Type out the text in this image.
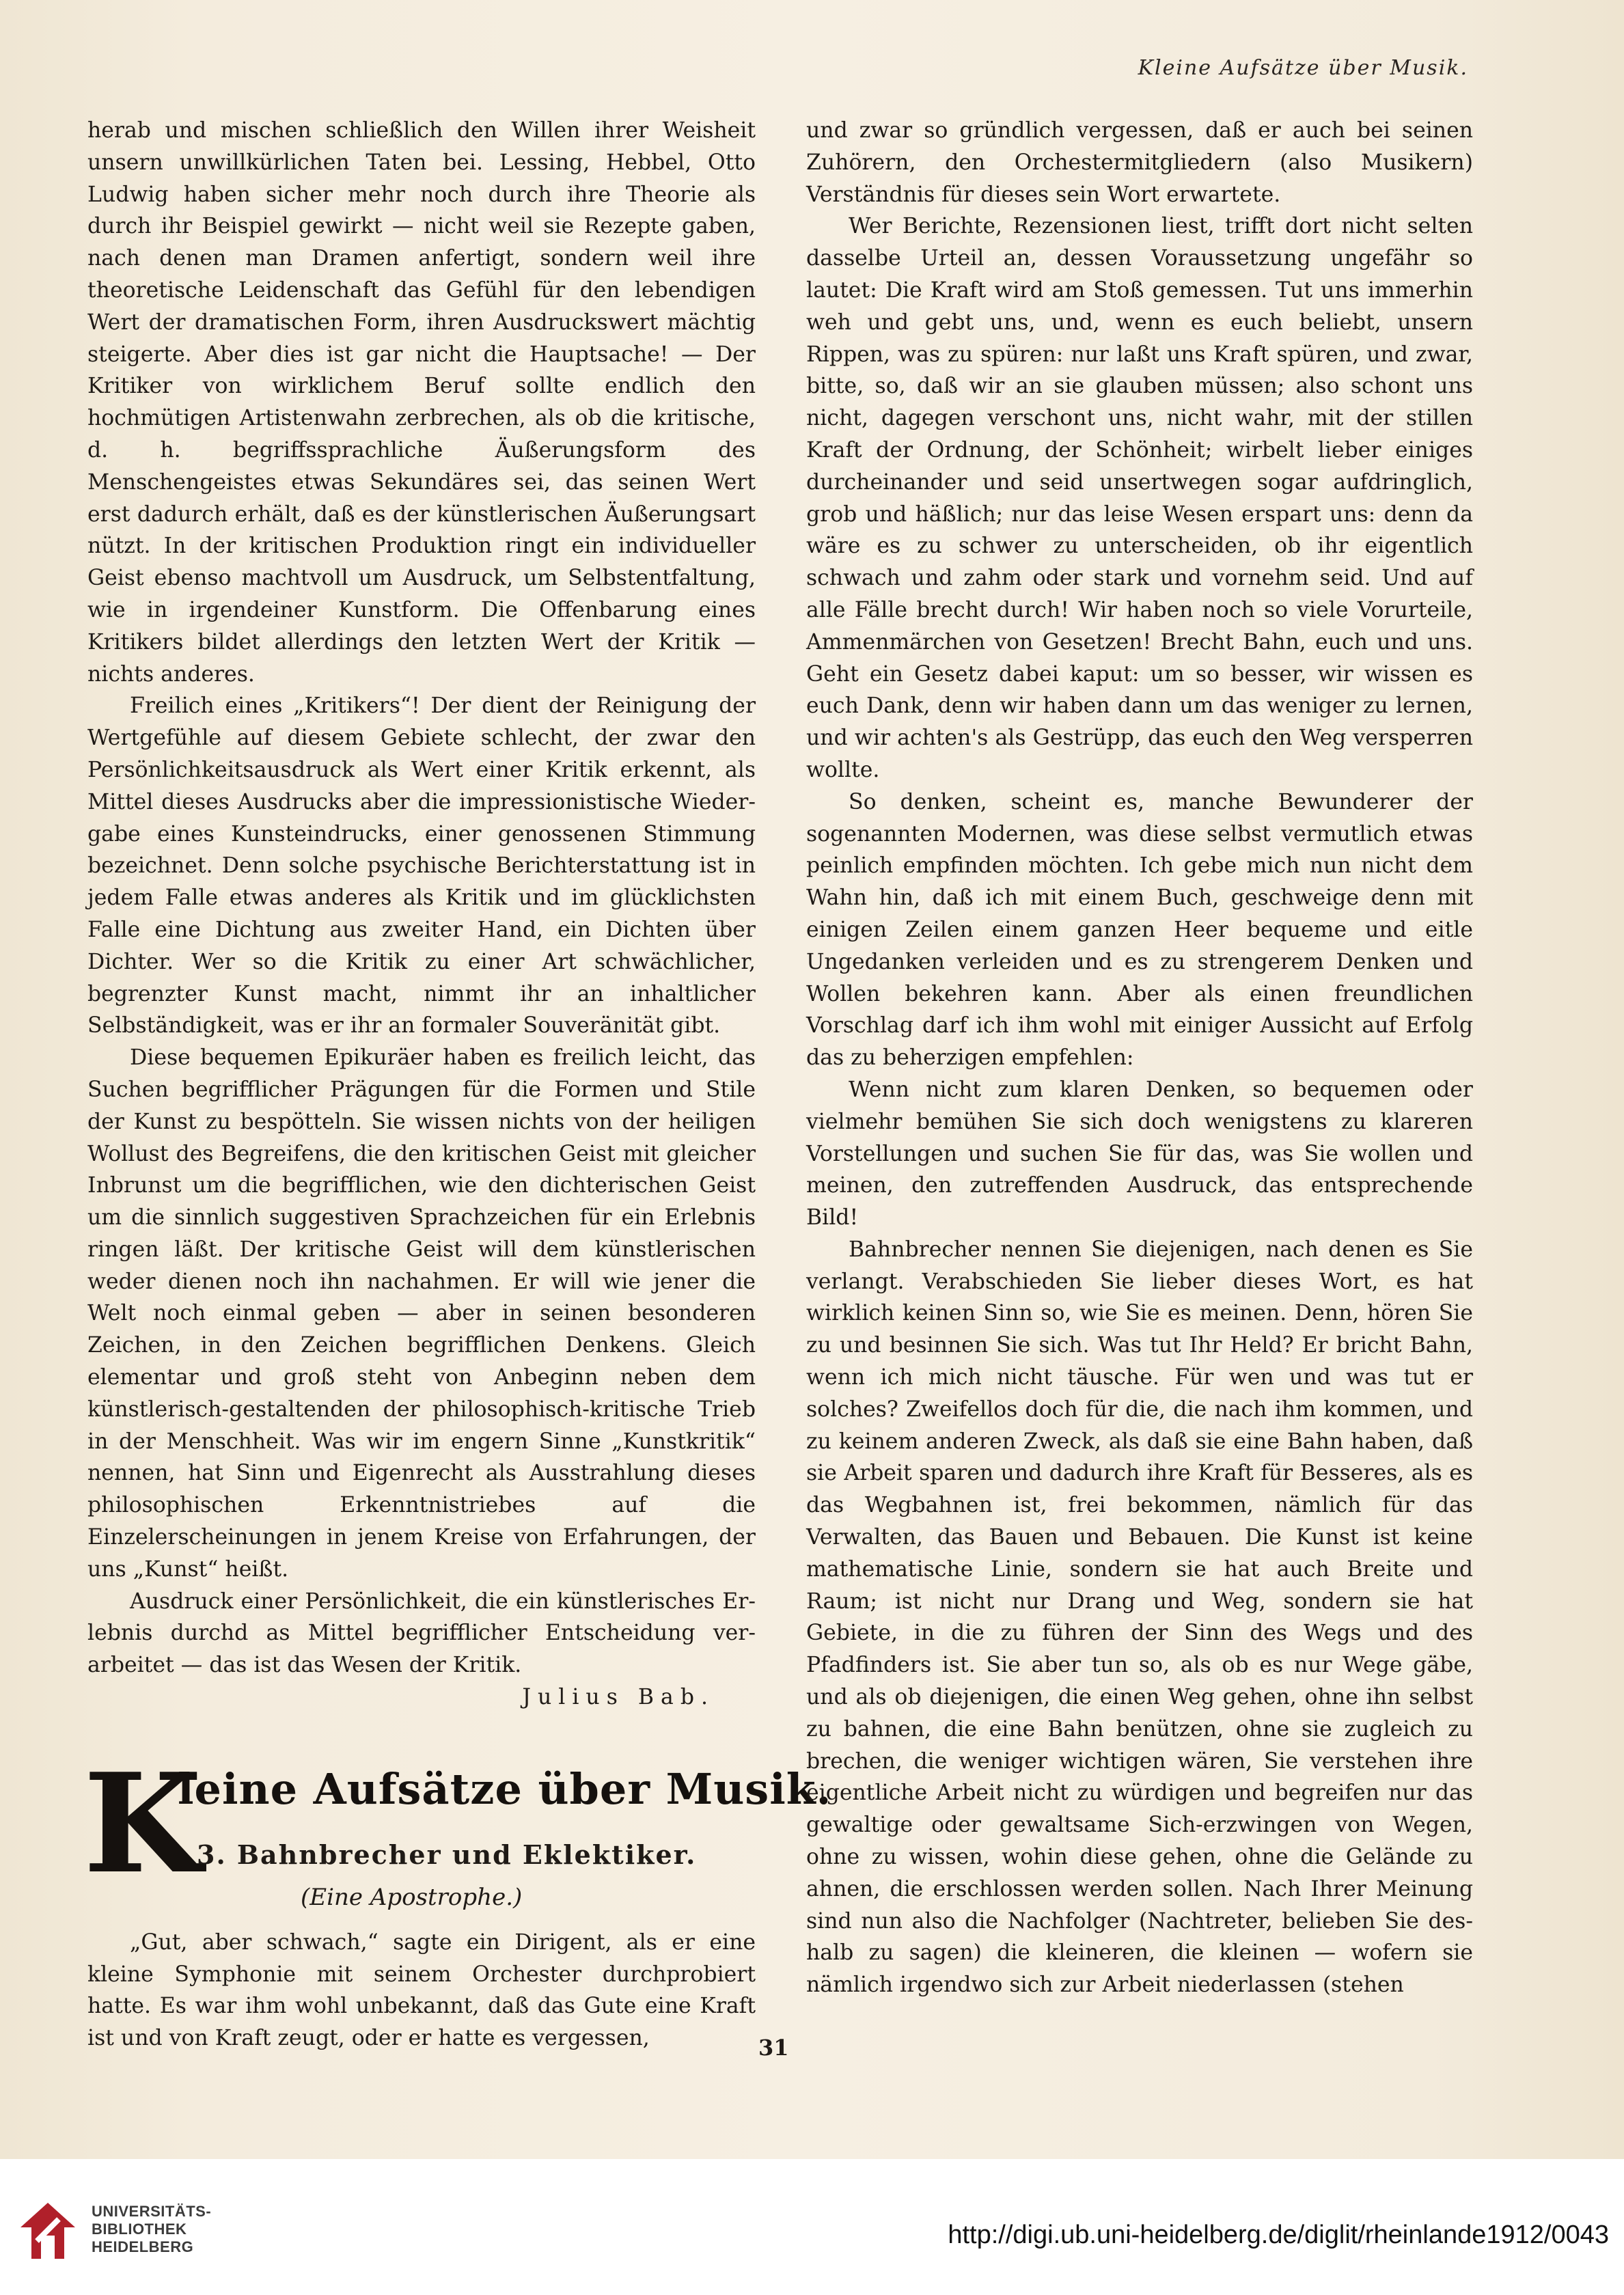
Kleine Aufsätze über Musik.

herab und mischen schließlich den Willen ihrer Weisheit unsern unwillkürlichen Taten bei. Lessing, Hebbel, Otto Ludwig haben sicher mehr noch durch ihre Theorie als durch ihr Beispiel gewirkt — nicht weil sie Rezepte gaben, nach denen man Dramen anfertigt, sondern weil ihre theoretische Leidenschaft das Gefühl für den lebendigen Wert der dramatischen Form, ihren Ausdruckswert mächtig steigerte. Aber dies ist gar nicht die Hauptsache! — Der Kritiker von wirklichem Beruf sollte endlich den hochmütigen Artistenwahn zerbrechen, als ob die kritische, d. h. begriffssprachliche Äußerungsform des Menschengeistes etwas Sekundäres sei, das seinen Wert erst dadurch erhält, daß es der künstlerischen Äußerungsart nützt. In der kritischen Produktion ringt ein individueller Geist ebenso machtvoll um Ausdruck, um Selbstentfaltung, wie in irgendeiner Kunstform. Die Offenbarung eines Kritikers bildet allerdings den letzten Wert der Kritik — nichts anderes.

Freilich eines „Kritikers“! Der dient der Reinigung der Wertgefühle auf diesem Gebiete schlecht, der zwar den Persönlichkeitsausdruck als Wert einer Kritik erkennt, als Mittel dieses Ausdrucks aber die impressionistische Wiedergabe eines Kunsteindrucks, einer genossenen Stimmung bezeichnet. Denn solche psychische Berichterstattung ist in jedem Falle etwas anderes als Kritik und im glücklichsten Falle eine Dichtung aus zweiter Hand, ein Dichten über Dichter. Wer so die Kritik zu einer Art schwächlicher, begrenzter Kunst macht, nimmt ihr an inhaltlicher Selbständigkeit, was er ihr an formaler Souveränität gibt.

Diese bequemen Epikuräer haben es freilich leicht, das Suchen begrifflicher Prägungen für die Formen und Stile der Kunst zu bespötteln. Sie wissen nichts von der heiligen Wollust des Begreifens, die den kritischen Geist mit gleicher Inbrunst um die begrifflichen, wie den dichterischen Geist um die sinnlich suggestiven Sprachzeichen für ein Erlebnis ringen läßt. Der kritische Geist will dem künstlerischen weder dienen noch ihn nachahmen. Er will wie jener die Welt noch einmal geben — aber in seinen besonderen Zeichen, in den Zeichen begrifflichen Denkens. Gleich elementar und groß steht von Anbeginn neben dem künstlerisch-gestaltenden der philosophisch-kritische Trieb in der Menschheit. Was wir im engern Sinne „Kunstkritik“ nennen, hat Sinn und Eigenrecht als Ausstrahlung dieses philosophischen Erkenntnistriebes auf die Einzelerscheinungen in jenem Kreise von Erfahrungen, der uns „Kunst“ heißt.

Ausdruck einer Persönlichkeit, die ein künstlerisches Erlebnis durchd as Mittel begrifflicher Entscheidung verarbeitet — das ist das Wesen der Kritik.

Julius Bab.

K
leine Aufsätze über Musik.
3. Bahnbrecher und Eklektiker.
(Eine Apostrophe.)

„Gut, aber schwach,“ sagte ein Dirigent, als er eine kleine Symphonie mit seinem Orchester durchprobiert hatte. Es war ihm wohl unbekannt, daß das Gute eine Kraft ist und von Kraft zeugt, oder er hatte es vergessen,

und zwar so gründlich vergessen, daß er auch bei seinen Zuhörern, den Orchestermitgliedern (also Musikern) Verständnis für dieses sein Wort erwartete.

Wer Berichte, Rezensionen liest, trifft dort nicht selten dasselbe Urteil an, dessen Voraussetzung ungefähr so lautet: Die Kraft wird am Stoß gemessen. Tut uns immerhin weh und gebt uns, und, wenn es euch beliebt, unsern Rippen, was zu spüren: nur laßt uns Kraft spüren, und zwar, bitte, so, daß wir an sie glauben müssen; also schont uns nicht, dagegen verschont uns, nicht wahr, mit der stillen Kraft der Ordnung, der Schönheit; wirbelt lieber einiges durcheinander und seid unsertwegen sogar aufdringlich, grob und häßlich; nur das leise Wesen erspart uns: denn da wäre es zu schwer zu unterscheiden, ob ihr eigentlich schwach und zahm oder stark und vornehm seid. Und auf alle Fälle brecht durch! Wir haben noch so viele Vorurteile, Ammenmärchen von Gesetzen! Brecht Bahn, euch und uns. Geht ein Gesetz dabei kaput: um so besser, wir wissen es euch Dank, denn wir haben dann um das weniger zu lernen, und wir achten's als Gestrüpp, das euch den Weg versperren wollte.

So denken, scheint es, manche Bewunderer der sogenannten Modernen, was diese selbst vermutlich etwas peinlich empfinden möchten. Ich gebe mich nun nicht dem Wahn hin, daß ich mit einem Buch, geschweige denn mit einigen Zeilen einem ganzen Heer bequeme und eitle Ungedanken verleiden und es zu strengerem Denken und Wollen bekehren kann. Aber als einen freundlichen Vorschlag darf ich ihm wohl mit einiger Aussicht auf Erfolg das zu beherzigen empfehlen:

Wenn nicht zum klaren Denken, so bequemen oder vielmehr bemühen Sie sich doch wenigstens zu klareren Vorstellungen und suchen Sie für das, was Sie wollen und meinen, den zutreffenden Ausdruck, das entsprechende Bild!

Bahnbrecher nennen Sie diejenigen, nach denen es Sie verlangt. Verabschieden Sie lieber dieses Wort, es hat wirklich keinen Sinn so, wie Sie es meinen. Denn, hören Sie zu und besinnen Sie sich. Was tut Ihr Held? Er bricht Bahn, wenn ich mich nicht täusche. Für wen und was tut er solches? Zweifellos doch für die, die nach ihm kommen, und zu keinem anderen Zweck, als daß sie eine Bahn haben, daß sie Arbeit sparen und dadurch ihre Kraft für Besseres, als es das Wegbahnen ist, frei bekommen, nämlich für das Verwalten, das Bauen und Bebauen. Die Kunst ist keine mathematische Linie, sondern sie hat auch Breite und Raum; ist nicht nur Drang und Weg, sondern sie hat Gebiete, in die zu führen der Sinn des Wegs und des Pfadfinders ist. Sie aber tun so, als ob es nur Wege gäbe, und als ob diejenigen, die einen Weg gehen, ohne ihn selbst zu bahnen, die eine Bahn benützen, ohne sie zugleich zu brechen, die weniger wichtigen wären, Sie verstehen ihre eigentliche Arbeit nicht zu würdigen und begreifen nur das gewaltige oder gewaltsame Sich-erzwingen von Wegen, ohne zu wissen, wohin diese gehen, ohne die Gelände zu ahnen, die erschlossen werden sollen. Nach Ihrer Meinung sind nun also die Nachfolger (Nachtreter, belieben Sie deshalb zu sagen) die kleineren, die kleinen — wofern sie nämlich irgendwo sich zur Arbeit niederlassen (stehen

31
UNIVERSITÄTS-
BIBLIOTHEK
HEIDELBERG	http://digi.ub.uni-heidelberg.de/diglit/rheinlande1912/0043
